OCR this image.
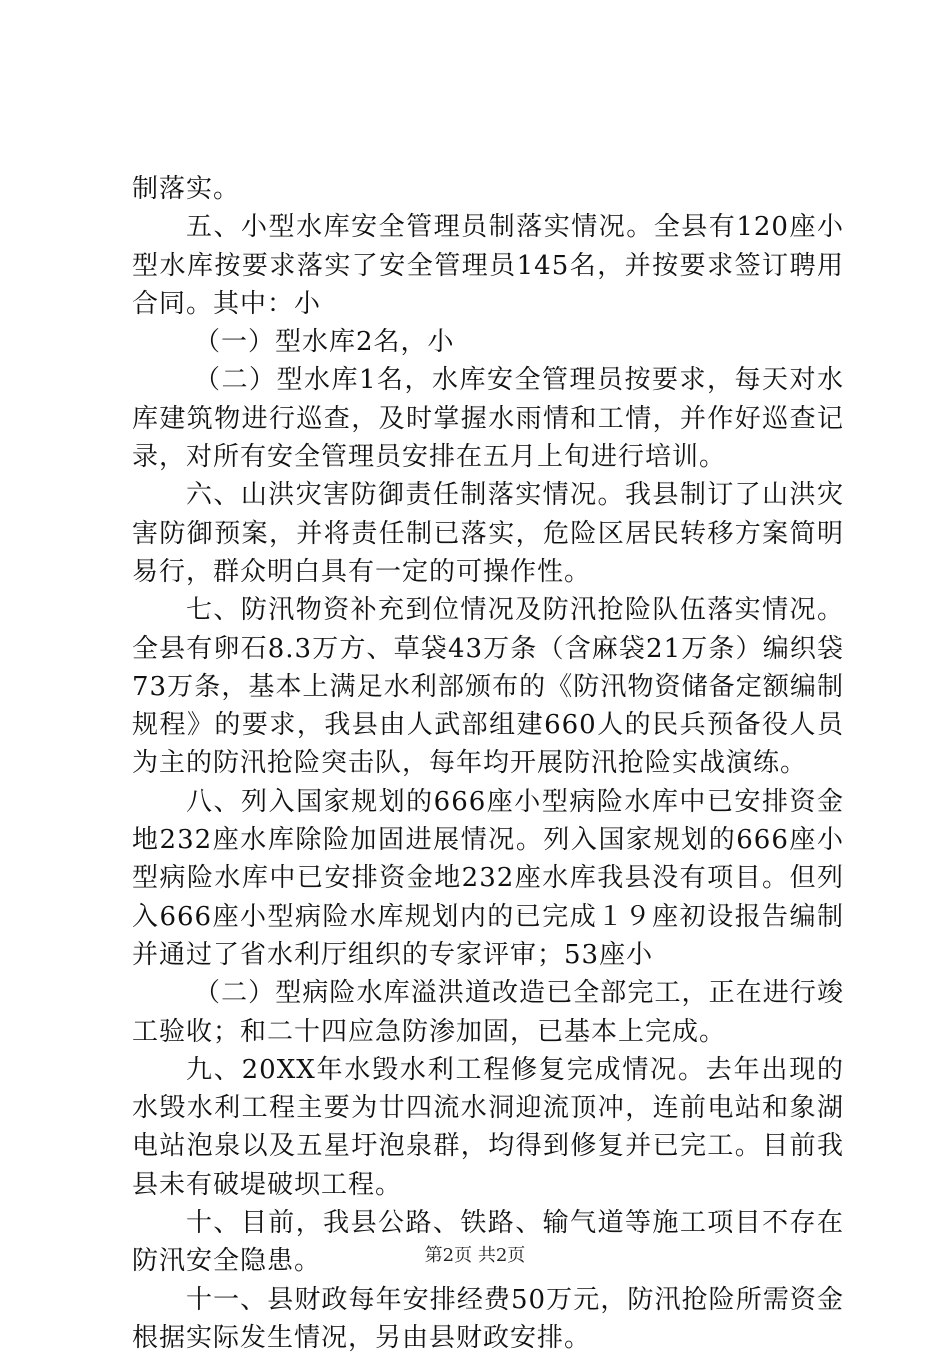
制落实。

五、小型水库安全管理员制落实情况。全县有120座小型水库按要求落实了安全管理员145名，并按要求签订聘用合同。其中：小

（一）型水库2名，小

（二）型水库1名，水库安全管理员按要求，每天对水库建筑物进行巡查，及时掌握水雨情和工情，并作好巡查记录，对所有安全管理员安排在五月上旬进行培训。

六、山洪灾害防御责任制落实情况。我县制订了山洪灾害防御预案，并将责任制已落实，危险区居民转移方案简明易行，群众明白具有一定的可操作性。

七、防汛物资补充到位情况及防汛抢险队伍落实情况。全县有卵石8.3万方、草袋43万条（含麻袋21万条）编织袋73万条，基本上满足水利部颁布的《防汛物资储备定额编制规程》的要求，我县由人武部组建660人的民兵预备役人员为主的防汛抢险突击队，每年均开展防汛抢险实战演练。

八、列入国家规划的666座小型病险水库中已安排资金地232座水库除险加固进展情况。列入国家规划的666座小型病险水库中已安排资金地232座水库我县没有项目。但列入666座小型病险水库规划内的已完成１９座初设报告编制并通过了省水利厅组织的专家评审；53座小

（二）型病险水库溢洪道改造已全部完工，正在进行竣工验收；和二十四应急防渗加固，已基本上完成。

九、20XX年水毁水利工程修复完成情况。去年出现的水毁水利工程主要为廿四流水洞迎流顶冲，连前电站和象湖电站泡泉以及五星圩泡泉群，均得到修复并已完工。目前我县未有破堤破坝工程。

十、目前，我县公路、铁路、输气道等施工项目不存在防汛安全隐患。

十一、县财政每年安排经费50万元，防汛抢险所需资金根据实际发生情况，另由县财政安排。

第2页 共2页
